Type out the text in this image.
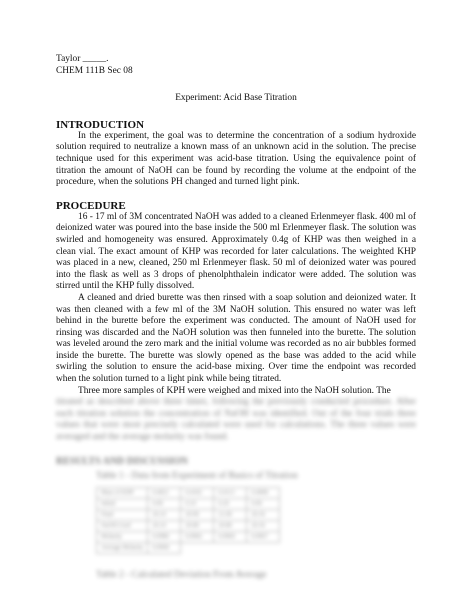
Taylor _____.

CHEM 111B Sec 08

Experiment: Acid Base Titration

INTRODUCTION

In the experiment, the goal was to determine the concentration of a sodium hydroxide solution required to neutralize a known mass of an unknown acid in the solution. The precise technique used for this experiment was acid-base titration. Using the equivalence point of titration the amount of NaOH can be found by recording the volume at the endpoint of the procedure, when the solutions PH changed and turned light pink.

PROCEDURE

16 - 17 ml of 3M concentrated NaOH was added to a cleaned Erlenmeyer flask. 400 ml of deionized water was poured into the base inside the 500 ml Erlenmeyer flask. The solution was swirled and homogeneity was ensured. Approximately 0.4g of KHP was then weighed in a clean vial. The exact amount of KHP was recorded for later calculations. The weighted KHP was placed in a new, cleaned, 250 ml Erlenmeyer flask. 50 ml of deionized water was poured into the flask as well as 3 drops of phenolphthalein indicator were added. The solution was stirred until the KHP fully dissolved.

A cleaned and dried burette was then rinsed with a soap solution and deionized water. It was then cleaned with a few ml of the 3M NaOH solution. This ensured no water was left behind in the burette before the experiment was conducted. The amount of NaOH used for rinsing was discarded and the NaOH solution was then funneled into the burette. The solution was leveled around the zero mark and the initial volume was recorded as no air bubbles formed inside the burette. The burette was slowly opened as the base was added to the acid while swirling the solution to ensure the acid-base mixing. Over time the endpoint was recorded when the solution turned to a light pink while being titrated.

Three more samples of KPH were weighed and mixed into the NaOH solution. The

titrated as described above three times, following the previously conducted procedure. After each titration solution the concentration of NaOH was identified. Out of the four trials three values that were most precisely calculated were used for calculations. The three values were averaged and the average molarity was found.

RESULTS AND DISCUSSION

Table 1 - Data from Experiment of Basics of Titration

Mass of KHP	0.4021	0.4102	0.4113	0.4008
Initial	0.00	0.10	0.20	0.00
Final	20.10	20.90	21.00	20.30
NaOH Used	20.10	20.80	20.80	20.30
Molarity	0.0980	0.0966	0.0969	0.0967
Average Molarity	0.0968			

Table 2 - Calculated Deviation From Average
